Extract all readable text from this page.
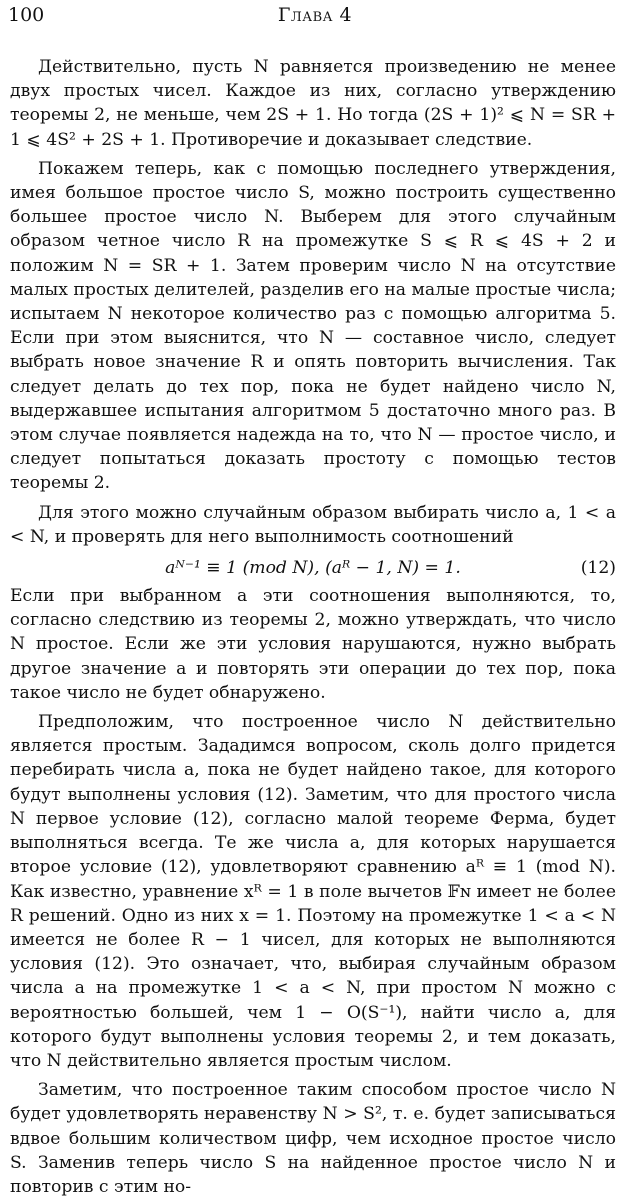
100	Глава 4

Действительно, пусть N равняется произведению не менее двух простых чисел. Каждое из них, согласно утверждению теоремы 2, не меньше, чем 2S + 1. Но тогда (2S + 1)² ⩽ N = SR + 1 ⩽ 4S² + 2S + 1. Противоречие и доказывает следствие.

Покажем теперь, как с помощью последнего утверждения, имея большое простое число S, можно построить существенно большее простое число N. Выберем для этого случайным образом четное число R на промежутке S ⩽ R ⩽ 4S + 2 и положим N = SR + 1. Затем проверим число N на отсутствие малых простых делителей, разделив его на малые простые числа; испытаем N некоторое количество раз с помощью алгоритма 5. Если при этом выяснится, что N — составное число, следует выбрать новое значение R и опять повторить вычисления. Так следует делать до тех пор, пока не будет найдено число N, выдержавшее испытания алгоритмом 5 достаточно много раз. В этом случае появляется надежда на то, что N — простое число, и следует попытаться доказать простоту с помощью тестов теоремы 2.

Для этого можно случайным образом выбирать число a, 1 < a < N, и проверять для него выполнимость соотношений

aᴺ⁻¹ ≡ 1 (mod N), (aᴿ − 1, N) = 1.	(12)

Если при выбранном a эти соотношения выполняются, то, согласно следствию из теоремы 2, можно утверждать, что число N простое. Если же эти условия нарушаются, нужно выбрать другое значение a и повторять эти операции до тех пор, пока такое число не будет обнаружено.

Предположим, что построенное число N действительно является простым. Зададимся вопросом, сколь долго придется перебирать числа a, пока не будет найдено такое, для которого будут выполнены условия (12). Заметим, что для простого числа N первое условие (12), согласно малой теореме Ферма, будет выполняться всегда. Те же числа a, для которых нарушается второе условие (12), удовлетворяют сравнению aᴿ ≡ 1 (mod N). Как известно, уравнение xᴿ = 1 в поле вычетов 𝔽ɴ имеет не более R решений. Одно из них x = 1. Поэтому на промежутке 1 < a < N имеется не более R − 1 чисел, для которых не выполняются условия (12). Это означает, что, выбирая случайным образом числа a на промежутке 1 < a < N, при простом N можно с вероятностью большей, чем 1 − O(S⁻¹), найти число a, для которого будут выполнены условия теоремы 2, и тем доказать, что N действительно является простым числом.

Заметим, что построенное таким способом простое число N будет удовлетворять неравенству N > S², т. е. будет записываться вдвое большим количеством цифр, чем исходное простое число S. Заменив теперь число S на найденное простое число N и повторив с этим но-
